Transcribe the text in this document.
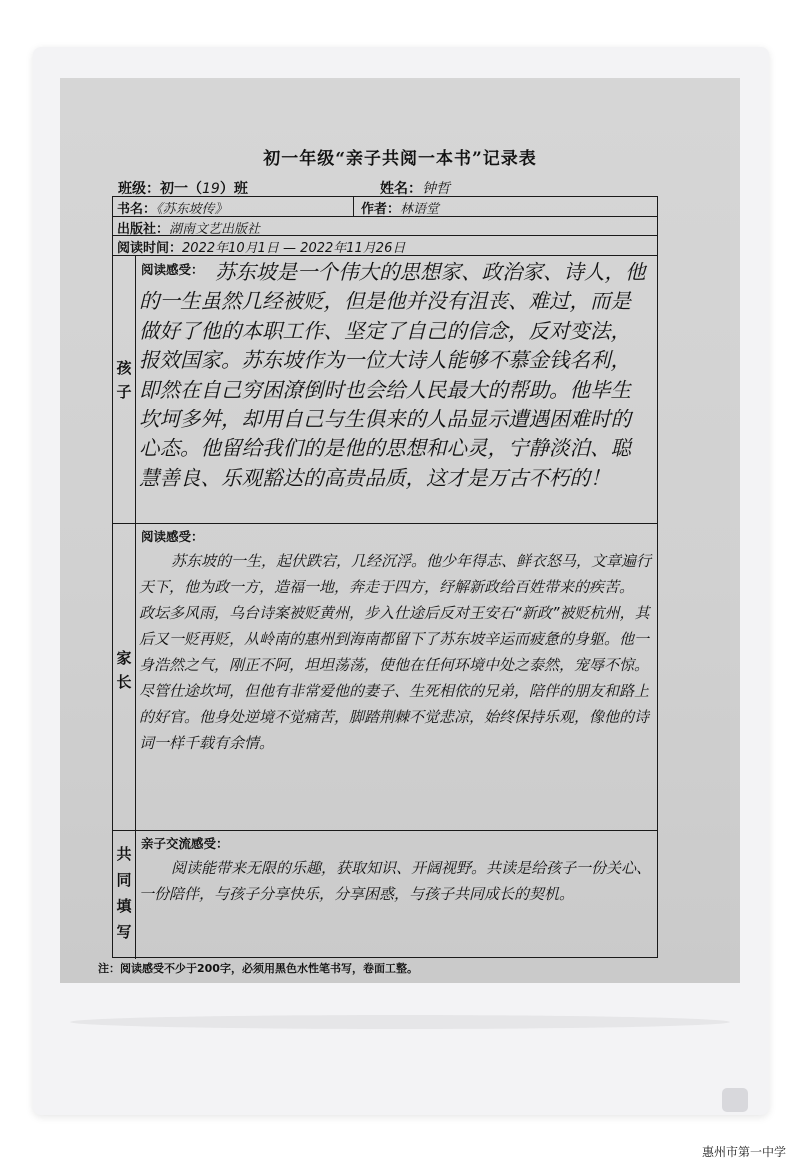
初一年级“亲子共阅一本书”记录表
班级：初一（19）班	姓名：钟哲
书名：《苏东坡传》	作者：林语堂
出版社：湖南文艺出版社
阅读时间：2022年10月1日 — 2022年11月26日
孩子
阅读感受： 苏东坡是一个伟大的思想家、政治家、诗人，他的一生虽然几经被贬，但是他并没有沮丧、难过，而是做好了他的本职工作、坚定了自己的信念，反对变法，报效国家。苏东坡作为一位大诗人能够不慕金钱名利，即然在自己穷困潦倒时也会给人民最大的帮助。他毕生坎坷多舛，却用自己与生俱来的人品显示遭遇困难时的心态。他留给我们的是他的思想和心灵，宁静淡泊、聪慧善良、乐观豁达的高贵品质，这才是万古不朽的！
家长
阅读感受：
苏东坡的一生，起伏跌宕，几经沉浮。他少年得志、鲜衣怒马，文章遍行天下，他为政一方，造福一地，奔走于四方，纾解新政给百姓带来的疾苦。
政坛多风雨，乌台诗案被贬黄州，步入仕途后反对王安石“新政”被贬杭州，其后又一贬再贬，从岭南的惠州到海南都留下了苏东坡辛运而疲惫的身躯。他一身浩然之气，刚正不阿，坦坦荡荡，使他在任何环境中处之泰然，宠辱不惊。尽管仕途坎坷，但他有非常爱他的妻子、生死相依的兄弟，陪伴的朋友和路上的好官。他身处逆境不觉痛苦，脚踏荆棘不觉悲凉，始终保持乐观，像他的诗词一样千载有余情。
共同填写
亲子交流感受：
阅读能带来无限的乐趣，获取知识、开阔视野。共读是给孩子一份关心、一份陪伴，与孩子分享快乐，分享困惑，与孩子共同成长的契机。
注：阅读感受不少于200字，必须用黑色水性笔书写，卷面工整。
惠州市第一中学
